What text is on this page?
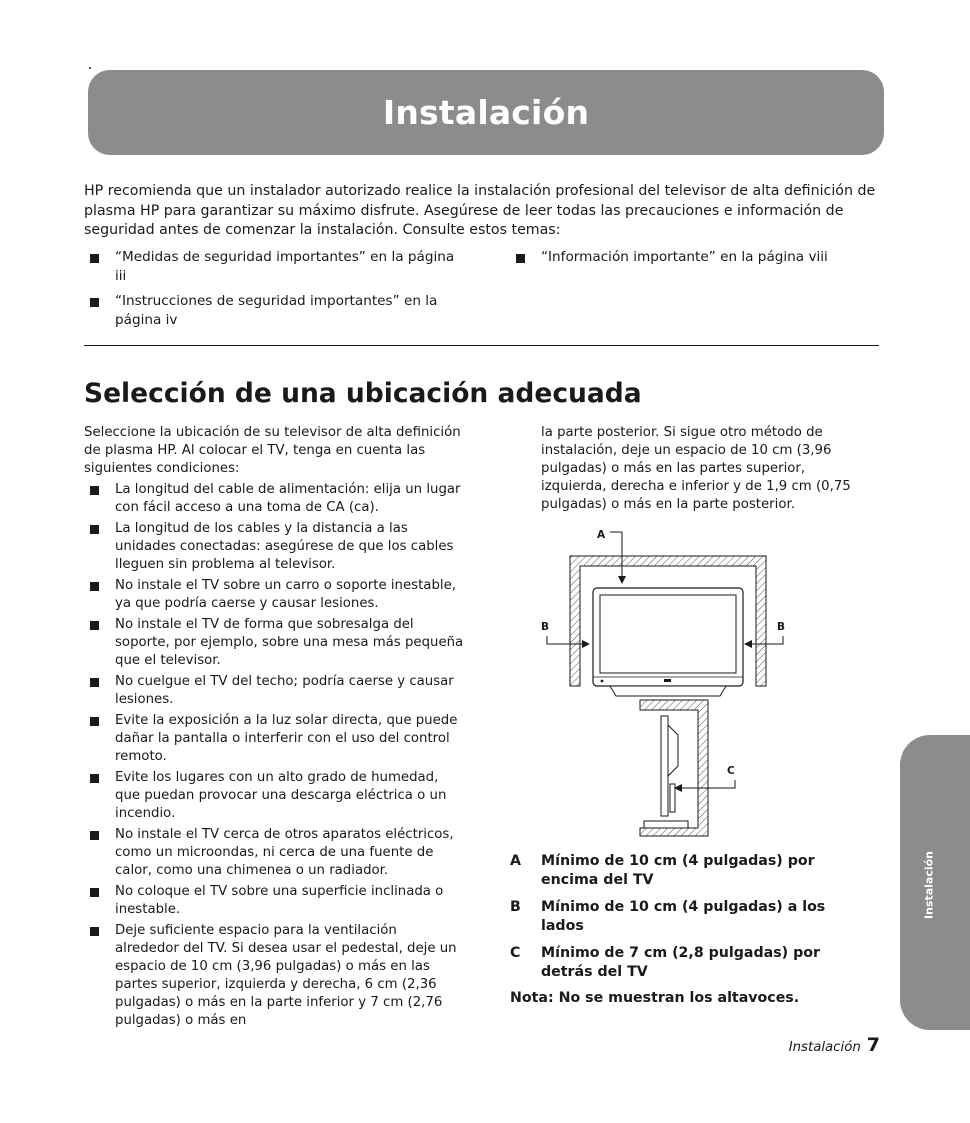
Instalación

HP recomienda que un instalador autorizado realice la instalación profesional del televisor de alta definición de plasma HP para garantizar su máximo disfrute. Asegúrese de leer todas las precauciones e información de seguridad antes de comenzar la instalación. Consulte estos temas:

“Medidas de seguridad importantes” en la página iii
“Instrucciones de seguridad importantes” en la página iv
“Información importante” en la página viii
Selección de una ubicación adecuada

Seleccione la ubicación de su televisor de alta definición de plasma HP. Al colocar el TV, tenga en cuenta las siguientes condiciones:

La longitud del cable de alimentación: elija un lugar con fácil acceso a una toma de CA (ca).
La longitud de los cables y la distancia a las unidades conectadas: asegúrese de que los cables lleguen sin problema al televisor.
No instale el TV sobre un carro o soporte inestable, ya que podría caerse y causar lesiones.
No instale el TV de forma que sobresalga del soporte, por ejemplo, sobre una mesa más pequeña que el televisor.
No cuelgue el TV del techo; podría caerse y causar lesiones.
Evite la exposición a la luz solar directa, que puede dañar la pantalla o interferir con el uso del control remoto.
Evite los lugares con un alto grado de humedad, que puedan provocar una descarga eléctrica o un incendio.
No instale el TV cerca de otros aparatos eléctricos, como un microondas, ni cerca de una fuente de calor, como una chimenea o un radiador.
No coloque el TV sobre una superficie inclinada o inestable.
Deje suficiente espacio para la ventilación alrededor del TV. Si desea usar el pedestal, deje un espacio de 10 cm (3,96 pulgadas) o más en las partes superior, izquierda y derecha, 6 cm (2,36 pulgadas) o más en la parte inferior y 7 cm (2,76 pulgadas) o más en

la parte posterior. Si sigue otro método de instalación, deje un espacio de 10 cm (3,96 pulgadas) o más en las partes superior, izquierda, derecha e inferior y de 1,9 cm (0,75 pulgadas) o más en la parte posterior.

A
B	B
C
A Mínimo de 10 cm (4 pulgadas) por encima del TV
B Mínimo de 10 cm (4 pulgadas) a los lados
C Mínimo de 7 cm (2,8 pulgadas) por detrás del TV

Nota: No se muestran los altavoces.

Instalación 7
Instalación
